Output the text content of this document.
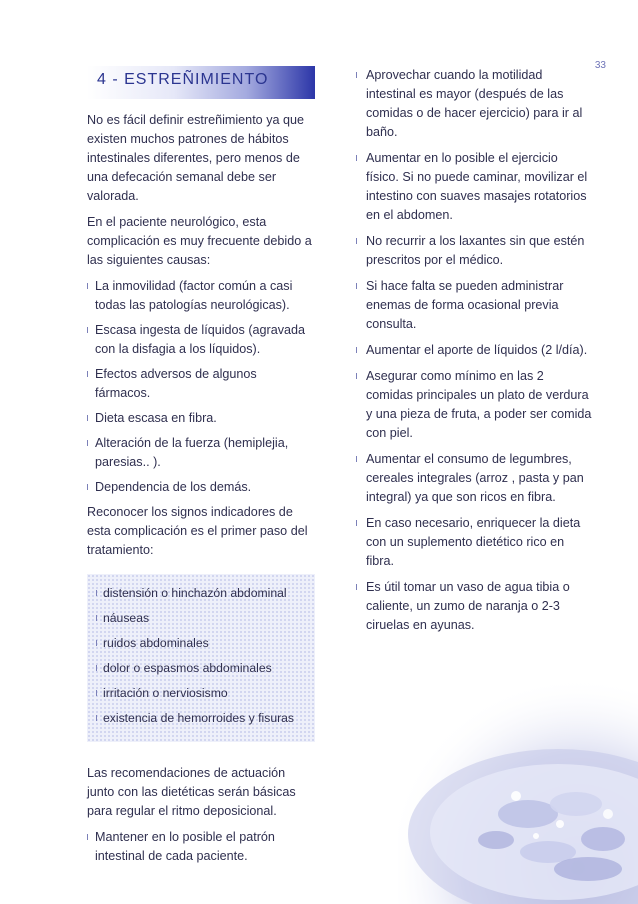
33
4 - ESTREÑIMIENTO

No es fácil definir estreñimiento ya que existen muchos patrones de hábitos intestinales diferentes, pero menos de una defecación semanal debe ser valorada.

En el paciente neurológico, esta complicación es muy frecuente debido a las siguientes causas:

La inmovilidad (factor común a casi todas las patologías neurológicas).
Escasa ingesta de líquidos (agravada con la disfagia a los líquidos).
Efectos adversos de algunos fármacos.
Dieta escasa en fibra.
Alteración de la fuerza (hemiplejia, paresias.. ).
Dependencia de los demás.

Reconocer los signos indicadores de esta complicación es el primer paso del tratamiento:

distensión o hinchazón abdominal
náuseas
ruidos abdominales
dolor o espasmos abdominales
irritación o nerviosismo
existencia de hemorroides y fisuras

Las recomendaciones de actuación junto con las dietéticas serán básicas para regular el ritmo deposicional.

Mantener en lo posible el patrón intestinal de cada paciente.
Aprovechar cuando la motilidad intestinal es mayor (después de las comidas o de hacer ejercicio) para ir al baño.
Aumentar en lo posible el ejercicio físico. Si no puede caminar, movilizar el intestino con suaves masajes rotatorios en el abdomen.
No recurrir a los laxantes sin que estén prescritos por el médico.
Si hace falta se pueden administrar enemas de forma ocasional previa consulta.
Aumentar el aporte de líquidos (2 l/día).
Asegurar como mínimo en las 2 comidas principales un plato de verdura y una pieza de fruta, a poder ser comida con piel.
Aumentar el consumo de legumbres, cereales integrales (arroz , pasta y pan integral) ya que son ricos en fibra.
En caso necesario, enriquecer la dieta con un suplemento dietético rico en fibra.
Es útil tomar un vaso de agua tibia o caliente, un zumo de naranja o 2-3 ciruelas en ayunas.
